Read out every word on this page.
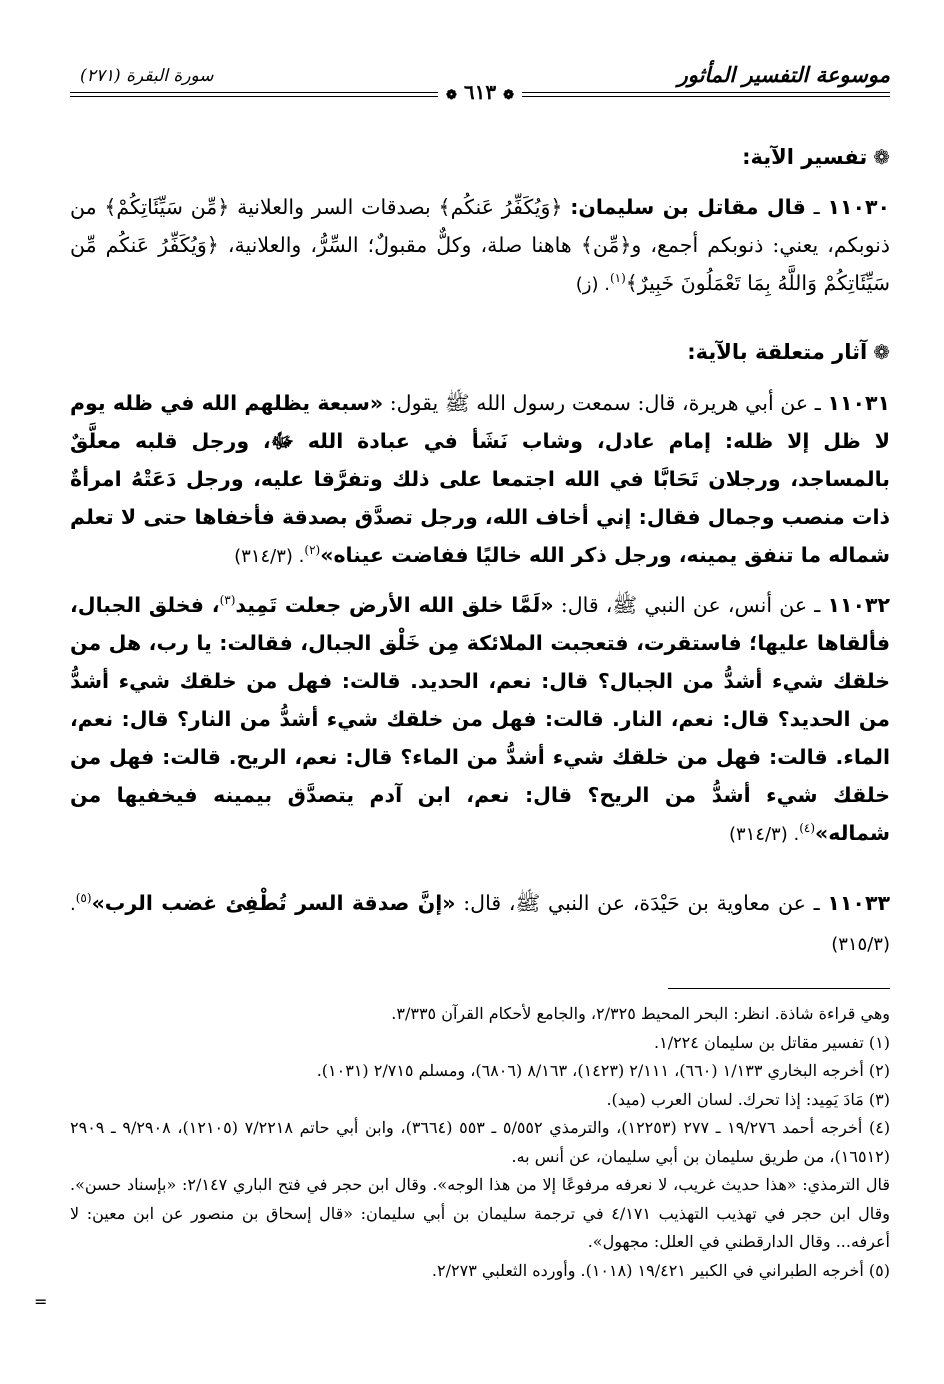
موسوعة التفسير المأثور
سورة البقرة (٢٧١)
❁ ٦١٣ ❁
❁تفسير الآية:
١١٠٣٠ ـ قال مقاتل بن سليمان: ﴿وَيُكَفِّرُ عَنكُم﴾ بصدقات السر والعلانية ﴿مِّن سَيِّئَاتِكُمْ﴾ من ذنوبكم، يعني: ذنوبكم أجمع، و﴿مِّن﴾ هاهنا صلة، وكلٌّ مقبولٌ؛ السِّرُّ، والعلانية، ﴿وَيُكَفِّرُ عَنكُم مِّن سَيِّئَاتِكُمْ وَاللَّهُ بِمَا تَعْمَلُونَ خَبِيرٌ﴾$^{(١)}$. (ز)
❁آثار متعلقة بالآية:
١١٠٣١ ـ عن أبي هريرة، قال: سمعت رسول الله ﷺ يقول: «سبعة يظلهم الله في ظله يوم لا ظل إلا ظله: إمام عادل، وشاب نَشَأ في عبادة الله ﷻ، ورجل قلبه معلَّقٌ بالمساجد، ورجلان تَحَابَّا في الله اجتمعا على ذلك وتفرَّقا عليه، ورجل دَعَتْهُ امرأةٌ ذات منصب وجمال فقال: إني أخاف الله، ورجل تصدَّق بصدقة فأخفاها حتى لا تعلم شماله ما تنفق يمينه، ورجل ذكر الله خاليًا ففاضت عيناه»$^{(٢)}$. (٣١٤/٣)
١١٠٣٢ ـ عن أنس، عن النبي ﷺ، قال: «لَمَّا خلق الله الأرض جعلت تَمِيد$^{(٣)}$، فخلق الجبال، فألقاها عليها؛ فاستقرت، فتعجبت الملائكة مِن خَلْق الجبال، فقالت: يا رب، هل من خلقك شيء أشدُّ من الجبال؟ قال: نعم، الحديد. قالت: فهل من خلقك شيء أشدُّ من الحديد؟ قال: نعم، النار. قالت: فهل من خلقك شيء أشدُّ من النار؟ قال: نعم، الماء. قالت: فهل من خلقك شيء أشدُّ من الماء؟ قال: نعم، الريح. قالت: فهل من خلقك شيء أشدُّ من الريح؟ قال: نعم، ابن آدم يتصدَّق بيمينه فيخفيها من شماله»$^{(٤)}$. (٣١٤/٣)
١١٠٣٣ ـ عن معاوية بن حَيْدَة، عن النبي ﷺ، قال: «إنَّ صدقة السر تُطْفِئ غضب الرب»$^{(٥)}$. (٣١٥/٣)

وهي قراءة شاذة. انظر: البحر المحيط ٢/٣٢٥، والجامع لأحكام القرآن ٣/٣٣٥.

(١) تفسير مقاتل بن سليمان ١/٢٢٤.

(٢) أخرجه البخاري ١/١٣٣ (٦٦٠)، ٢/١١١ (١٤٢٣)، ٨/١٦٣ (٦٨٠٦)، ومسلم ٢/٧١٥ (١٠٣١).

(٣) مَادَ يَمِيد: إذا تحرك. لسان العرب (ميد).

(٤) أخرجه أحمد ١٩/٢٧٦ ـ ٢٧٧ (١٢٢٥٣)، والترمذي ٥/٥٥٢ ـ ٥٥٣ (٣٦٦٤)، وابن أبي حاتم ٧/٢٢١٨ (١٢١٠٥)، ٩/٢٩٠٨ ـ ٢٩٠٩ (١٦٥١٢)، من طريق سليمان بن أبي سليمان، عن أنس به.

قال الترمذي: «هذا حديث غريب، لا نعرفه مرفوعًا إلا من هذا الوجه». وقال ابن حجر في فتح الباري ٢/١٤٧: «بإسناد حسن». وقال ابن حجر في تهذيب التهذيب ٤/١٧١ في ترجمة سليمان بن أبي سليمان: «قال إسحاق بن منصور عن ابن معين: لا أعرفه... وقال الدارقطني في العلل: مجهول».

(٥) أخرجه الطبراني في الكبير ١٩/٤٢١ (١٠١٨). وأورده الثعلبي ٢/٢٧٣.

=
